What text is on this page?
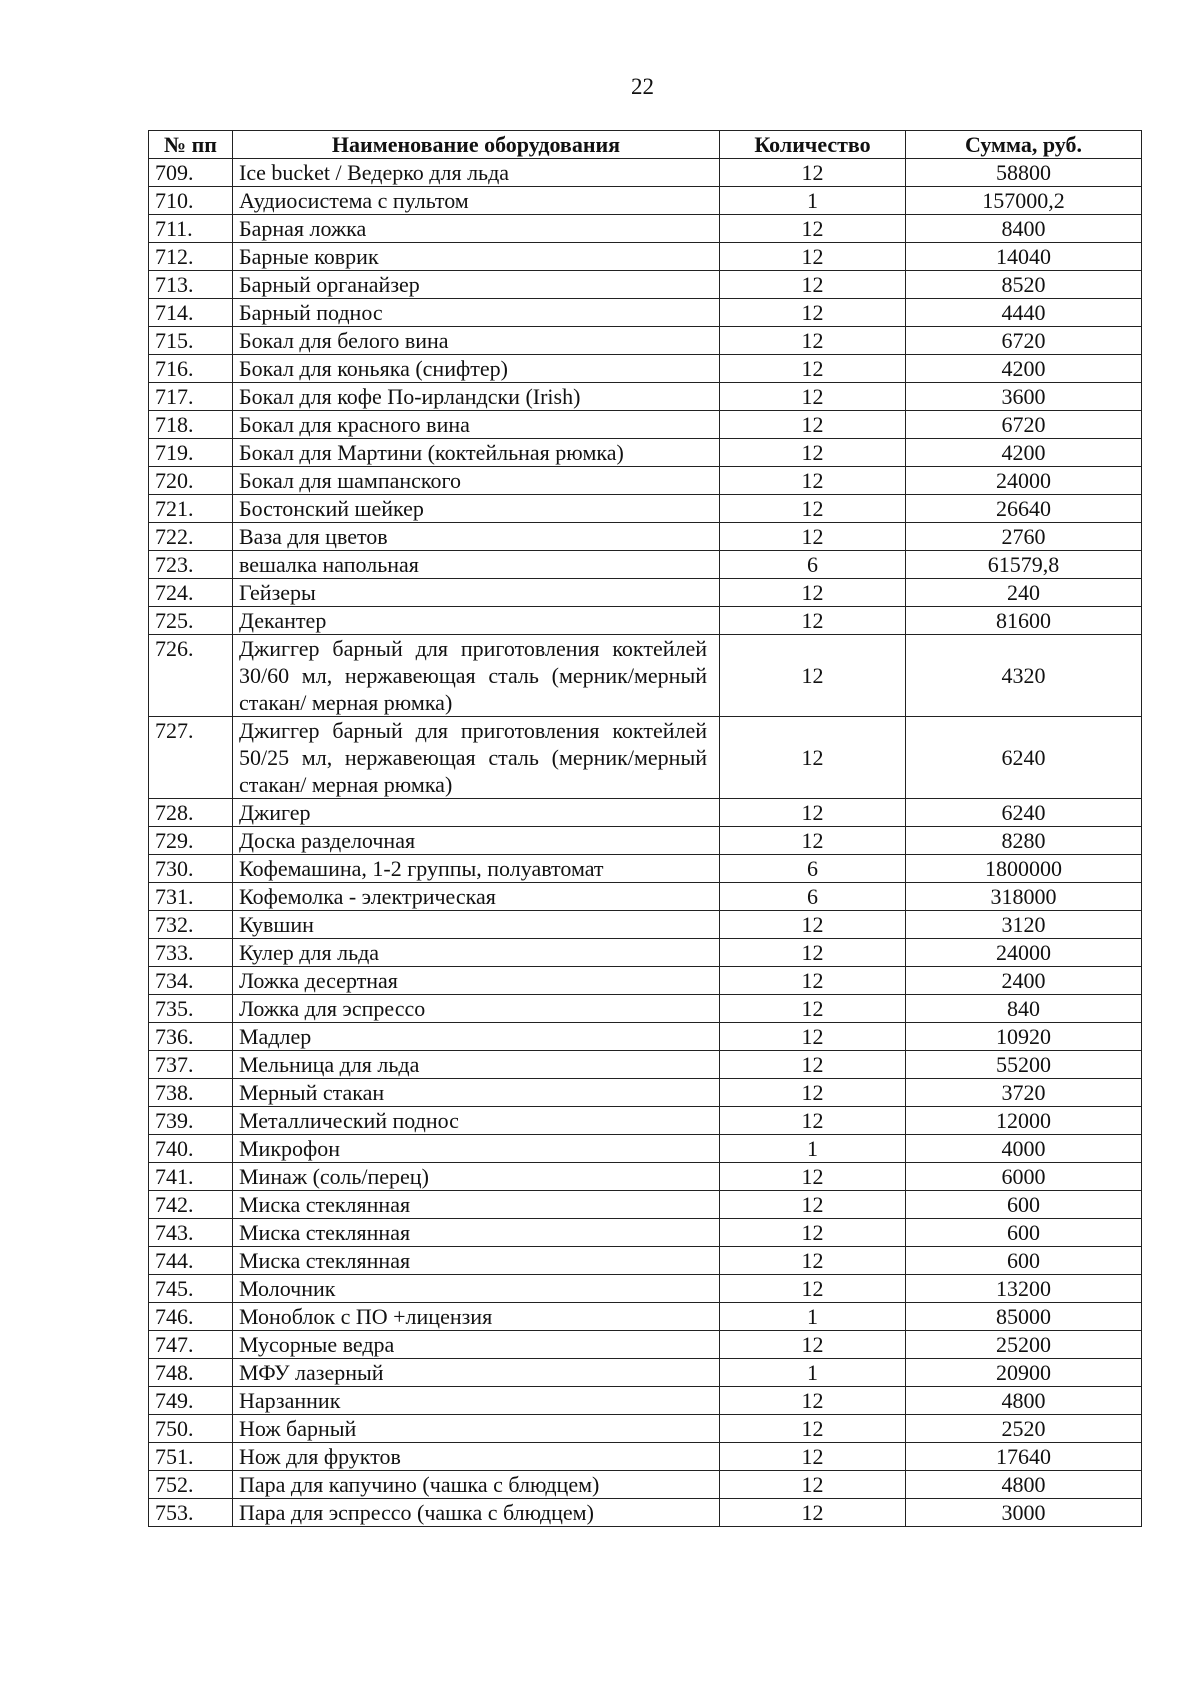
22
№ пп	Наименование оборудования	Количество	Сумма, руб.
709.	Ice bucket / Ведерко для льда	12	58800
710.	Аудиосистема с пультом	1	157000,2
711.	Барная ложка	12	8400
712.	Барные коврик	12	14040
713.	Барный органайзер	12	8520
714.	Барный поднос	12	4440
715.	Бокал для белого вина	12	6720
716.	Бокал для коньяка (снифтер)	12	4200
717.	Бокал для кофе По-ирландски (Irish)	12	3600
718.	Бокал для красного вина	12	6720
719.	Бокал для Мартини (коктейльная рюмка)	12	4200
720.	Бокал для шампанского	12	24000
721.	Бостонский шейкер	12	26640
722.	Ваза для цветов	12	2760
723.	вешалка напольная	6	61579,8
724.	Гейзеры	12	240
725.	Декантер	12	81600
726.	Джиггер барный для приготовления коктейлей 30/60 мл, нержавеющая сталь (мерник/мерный стакан/ мерная рюмка)	12	4320
727.	Джиггер барный для приготовления коктейлей 50/25 мл, нержавеющая сталь (мерник/мерный стакан/ мерная рюмка)	12	6240
728.	Джигер	12	6240
729.	Доска разделочная	12	8280
730.	Кофемашина, 1-2 группы, полуавтомат	6	1800000
731.	Кофемолка - электрическая	6	318000
732.	Кувшин	12	3120
733.	Кулер для льда	12	24000
734.	Ложка десертная	12	2400
735.	Ложка для эспрессо	12	840
736.	Мадлер	12	10920
737.	Мельница для льда	12	55200
738.	Мерный стакан	12	3720
739.	Металлический поднос	12	12000
740.	Микрофон	1	4000
741.	Минаж (соль/перец)	12	6000
742.	Миска стеклянная	12	600
743.	Миска стеклянная	12	600
744.	Миска стеклянная	12	600
745.	Молочник	12	13200
746.	Моноблок с ПО +лицензия	1	85000
747.	Мусорные ведра	12	25200
748.	МФУ лазерный	1	20900
749.	Нарзанник	12	4800
750.	Нож барный	12	2520
751.	Нож для фруктов	12	17640
752.	Пара для капучино (чашка с блюдцем)	12	4800
753.	Пара для эспрессо (чашка с блюдцем)	12	3000
